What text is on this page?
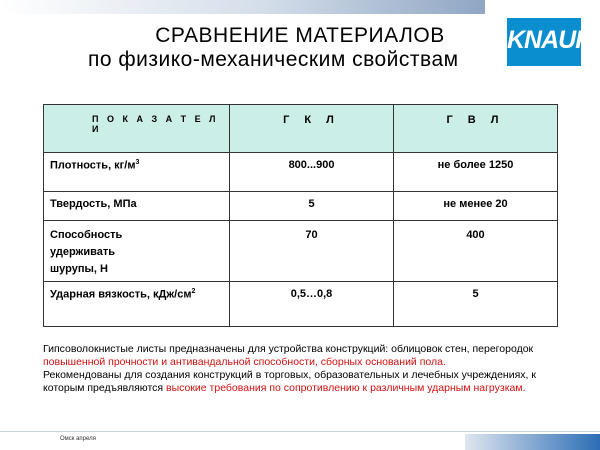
KNAUF
СРАВНЕНИЕ МАТЕРИАЛОВ
по физико-механическим свойствам
П О К А З А Т Е Л И	Г К Л	Г В Л
Плотность, $кг/м^3$	800...900	не более 1250
Твердость, МПа	5	не менее 20
Способность
удерживать
шурупы, Н	70	400
Ударная вязкость, кДж/$см^2$	0,5…0,8	5
Гипсоволокнистые листы предназначены для устройства конструкций: облицовок стен, перегородок повышенной прочности и антивандальной способности, сборных оснований пола.
Рекомендованы для создания конструкций в торговых, образовательных и лечебных учреждениях, к которым предъявляются высокие требования по сопротивлению к различным ударным нагрузкам.
Омск апреля
